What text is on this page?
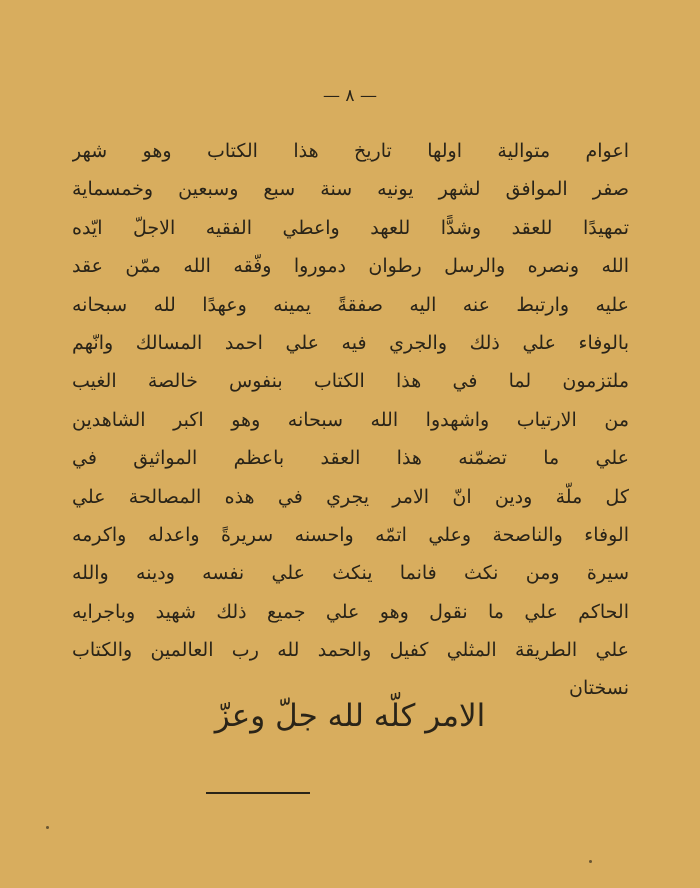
— ٨ —
اعوام متوالية اولها تاريخ هذا الكتاب وهو شهر
صفر الموافق لشهر يونيه سنة سبع وسبعين وخمسماية
تمهيدًا للعقد وشدًّا للعهد واعطي الفقيه الاجلّ ايّده
الله ونصره والرسل رطوان دموروا وفّقه الله ممّن عقد
عليه وارتبط عنه اليه صفقةً يمينه وعهدًا لله سبحانه
بالوفاء علي ذلك والجري فيه علي احمد المسالك وانّهم
ملتزمون لما في هذا الكتاب بنفوس خالصة الغيب
من الارتياب واشهدوا الله سبحانه وهو اكبر الشاهدين
علي ما تضمّنه هذا العقد باعظم المواثيق في
كل ملّة ودين انّ الامر يجري في هذه المصالحة علي
الوفاء والناصحة وعلي اتمّه واحسنه سريرةً واعدله واكرمه
سيرة ومن نكث فانما ينكث علي نفسه ودينه والله
الحاكم علي ما نقول وهو علي جميع ذلك شهيد وباجرايه
علي الطريقة المثلي كفيل والحمد لله رب العالمين والكتاب
نسختان
الامر كلّه لله جلّ وعزّ
